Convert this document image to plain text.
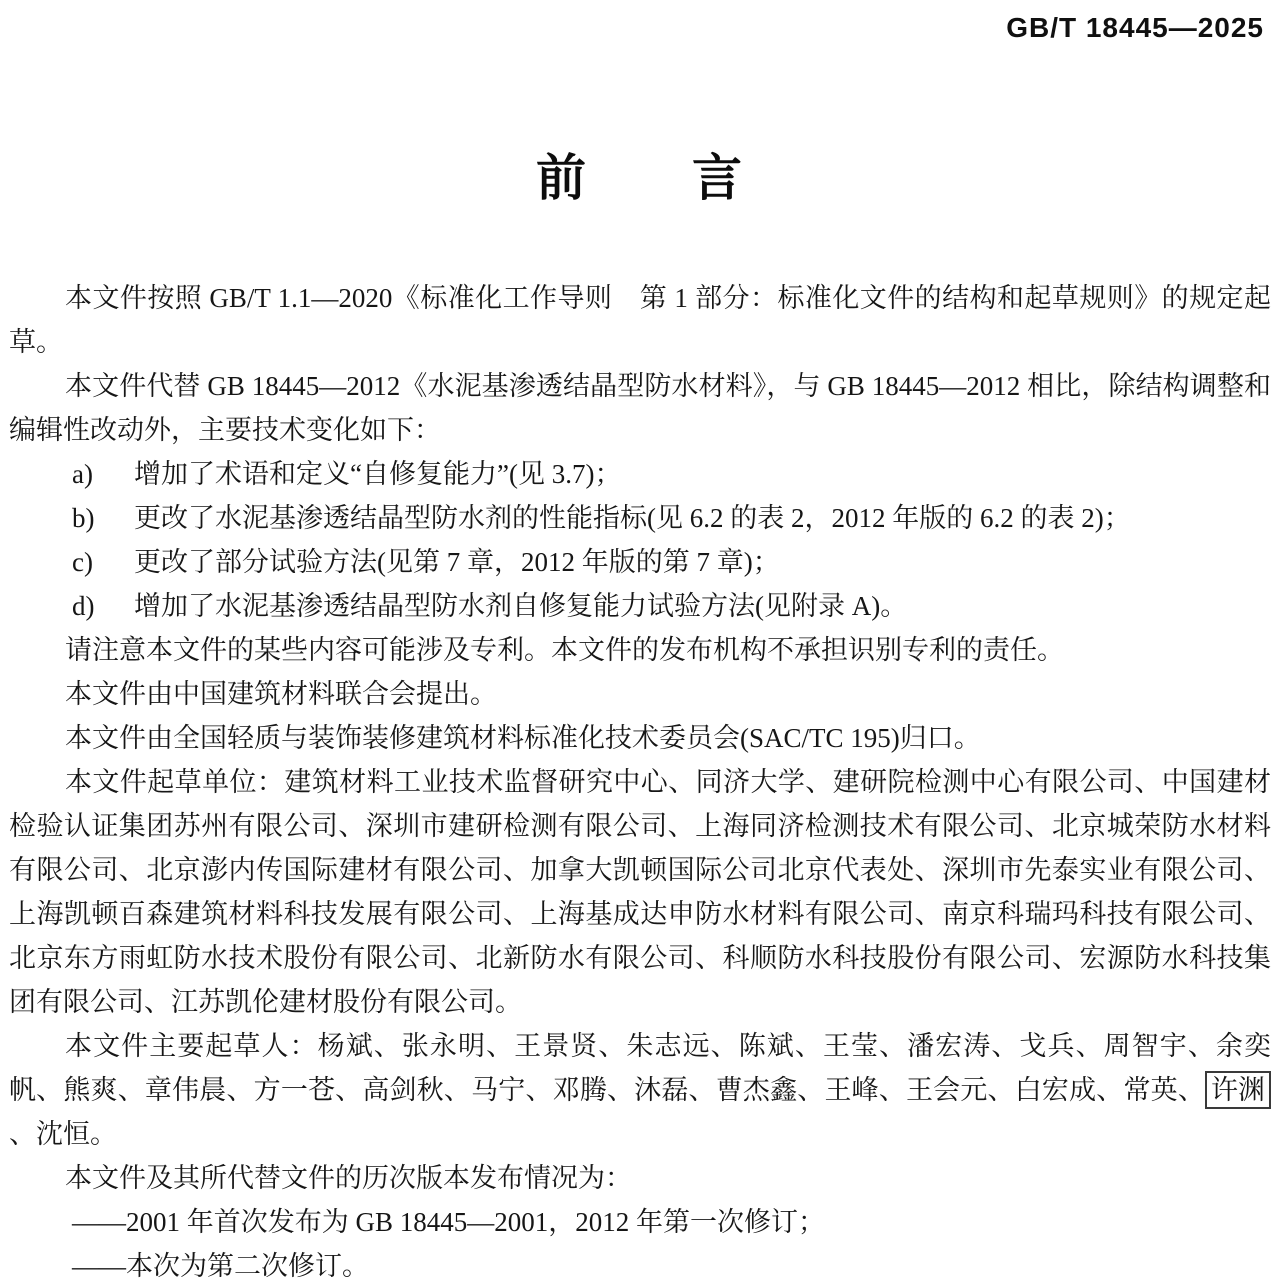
GB/T 18445—2025
前　　言

本文件按照 GB/T 1.1—2020《标准化工作导则　第 1 部分：标准化文件的结构和起草规则》的规定起草。

本文件代替 GB 18445—2012《水泥基渗透结晶型防水材料》，与 GB 18445—2012 相比，除结构调整和编辑性改动外，主要技术变化如下：

a)	增加了术语和定义“自修复能力”(见 3.7)；
b)	更改了水泥基渗透结晶型防水剂的性能指标(见 6.2 的表 2，2012 年版的 6.2 的表 2)；
c)	更改了部分试验方法(见第 7 章，2012 年版的第 7 章)；
d)	增加了水泥基渗透结晶型防水剂自修复能力试验方法(见附录 A)。

请注意本文件的某些内容可能涉及专利。本文件的发布机构不承担识别专利的责任。

本文件由中国建筑材料联合会提出。

本文件由全国轻质与装饰装修建筑材料标准化技术委员会(SAC/TC 195)归口。

本文件起草单位：建筑材料工业技术监督研究中心、同济大学、建研院检测中心有限公司、中国建材检验认证集团苏州有限公司、深圳市建研检测有限公司、上海同济检测技术有限公司、北京城荣防水材料有限公司、北京澎内传国际建材有限公司、加拿大凯顿国际公司北京代表处、深圳市先泰实业有限公司、上海凯顿百森建筑材料科技发展有限公司、上海基成达申防水材料有限公司、南京科瑞玛科技有限公司、北京东方雨虹防水技术股份有限公司、北新防水有限公司、科顺防水科技股份有限公司、宏源防水科技集团有限公司、江苏凯伦建材股份有限公司。

本文件主要起草人：杨斌、张永明、王景贤、朱志远、陈斌、王莹、潘宏涛、戈兵、周智宇、余奕帆、熊爽、章伟晨、方一苍、高剑秋、马宁、邓腾、沐磊、曹杰鑫、王峰、王会元、白宏成、常英、 许渊、沈恒。

本文件及其所代替文件的历次版本发布情况为：

——2001 年首次发布为 GB 18445—2001，2012 年第一次修订；

——本次为第二次修订。
